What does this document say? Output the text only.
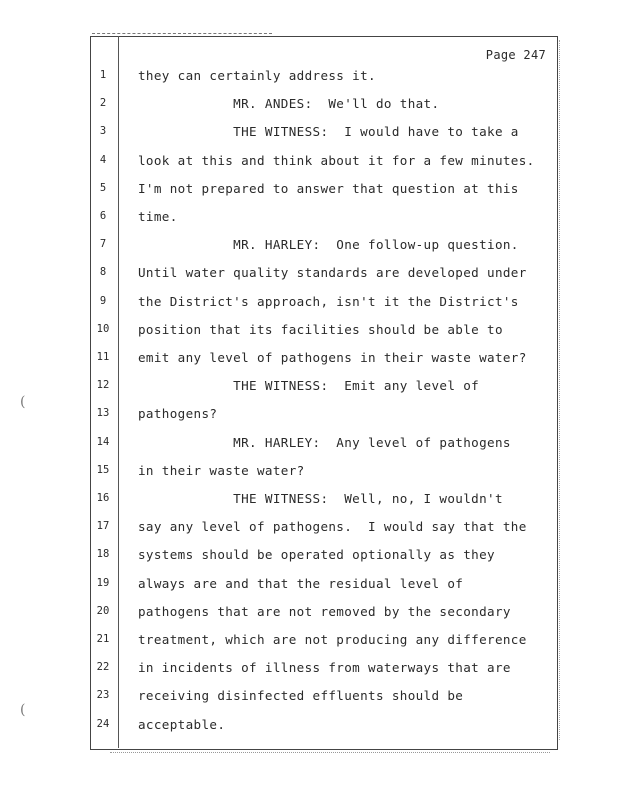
(
(
Page 247
1	they can certainly address it.
2	MR. ANDES:  We'll do that.
3	THE WITNESS:  I would have to take a
4	look at this and think about it for a few minutes.
5	I'm not prepared to answer that question at this
6	time.
7	MR. HARLEY:  One follow-up question.
8	Until water quality standards are developed under
9	the District's approach, isn't it the District's
10	position that its facilities should be able to
11	emit any level of pathogens in their waste water?
12	THE WITNESS:  Emit any level of
13	pathogens?
14	MR. HARLEY:  Any level of pathogens
15	in their waste water?
16	THE WITNESS:  Well, no, I wouldn't
17	say any level of pathogens.  I would say that the
18	systems should be operated optionally as they
19	always are and that the residual level of
20	pathogens that are not removed by the secondary
21	treatment, which are not producing any difference
22	in incidents of illness from waterways that are
23	receiving disinfected effluents should be
24	acceptable.
